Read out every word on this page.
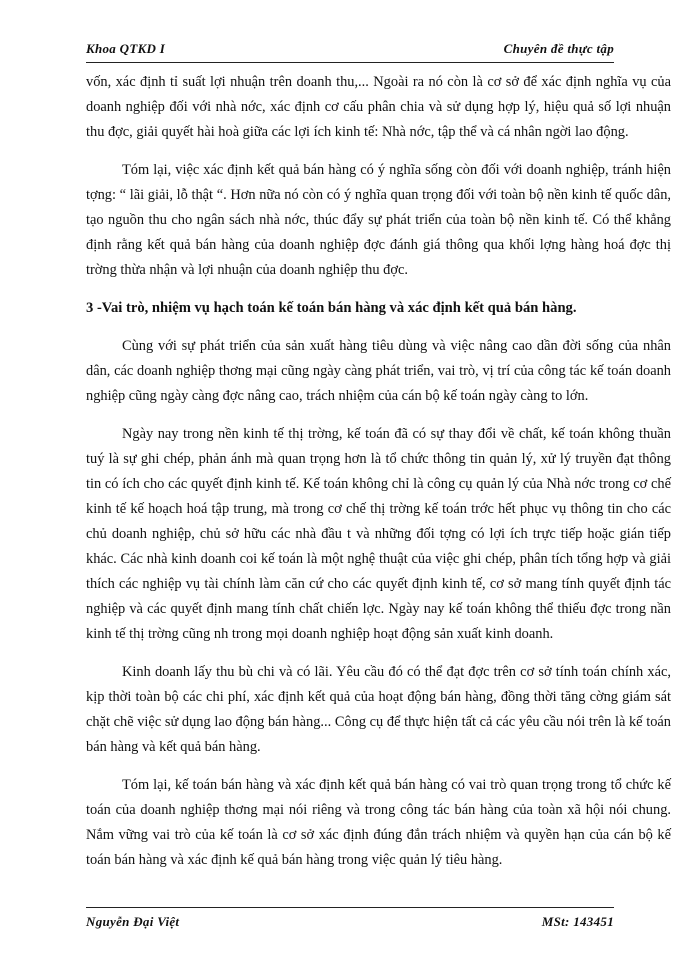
Khoa QTKD I	Chuyên đề thực tập

vốn, xác định tỉ suất lợi nhuận trên doanh thu,... Ngoài ra nó còn là cơ sở để xác định nghĩa vụ của doanh nghiệp đối với nhà nớc, xác định cơ cấu phân chia và sử dụng hợp lý, hiệu quả số lợi nhuận thu đợc, giải quyết hài hoà giữa các lợi ích kinh tế: Nhà nớc, tập thể và cá nhân ngời lao động.

Tóm lại, việc xác định kết quả bán hàng có ý nghĩa sống còn đối với doanh nghiệp, tránh hiện tợng: “ lãi giải, lỗ thật “. Hơn nữa nó còn có ý nghĩa quan trọng đối với toàn bộ nền kinh tế quốc dân, tạo nguồn thu cho ngân sách nhà nớc, thúc đẩy sự phát triển của toàn bộ nền kinh tế. Có thể khẳng định rằng kết quả bán hàng của doanh nghiệp đợc đánh giá thông qua khối lợng hàng hoá đợc thị trờng thừa nhận và lợi nhuận của doanh nghiệp thu đợc.

3 -Vai trò, nhiệm vụ hạch toán kế toán bán hàng và xác định kết quả bán hàng.

Cùng với sự phát triển của sản xuất hàng tiêu dùng và việc nâng cao dần đời sống của nhân dân, các doanh nghiệp thơng mại cũng ngày càng phát triển, vai trò, vị trí của công tác kế toán doanh nghiệp cũng ngày càng đợc nâng cao, trách nhiệm của cán bộ kế toán ngày càng to lớn.

Ngày nay trong nền kinh tế thị trờng, kế toán đã có sự thay đổi về chất, kế toán không thuần tuý là sự ghi chép, phản ánh mà quan trọng hơn là tổ chức thông tin quản lý, xử lý truyền đạt thông tin có ích cho các quyết định kinh tế. Kế toán không chỉ là công cụ quản lý của Nhà nớc trong cơ chế kinh tế kế hoạch hoá tập trung, mà trong cơ chế thị trờng kế toán trớc hết phục vụ thông tin cho các chủ doanh nghiệp, chủ sở hữu các nhà đầu t và những đối tợng có lợi ích trực tiếp hoặc gián tiếp khác. Các nhà kinh doanh coi kế toán là một nghệ thuật của việc ghi chép, phân tích tổng hợp và giải thích các nghiệp vụ tài chính làm căn cứ cho các quyết định kinh tế, cơ sở mang tính quyết định tác nghiệp và các quyết định mang tính chất chiến lợc. Ngày nay kế toán không thể thiếu đợc trong nần kinh tế thị trờng cũng nh trong mọi doanh nghiệp hoạt động sản xuất kinh doanh.

Kinh doanh lấy thu bù chi và có lãi. Yêu cầu đó có thể đạt đợc trên cơ sở tính toán chính xác, kịp thời toàn bộ các chi phí, xác định kết quả của hoạt động bán hàng, đồng thời tăng cờng giám sát chặt chẽ việc sử dụng lao động bán hàng... Công cụ để thực hiện tất cả các yêu cầu nói trên là kế toán bán hàng và kết quả bán hàng.

Tóm lại, kế toán bán hàng và xác định kết quả bán hàng có vai trò quan trọng trong tổ chức kế toán của doanh nghiệp thơng mại nói riêng và trong công tác bán hàng của toàn xã hội nói chung. Nắm vững vai trò của kế toán là cơ sở xác định đúng đắn trách nhiệm và quyền hạn của cán bộ kế toán bán hàng và xác định kế quả bán hàng trong việc quản lý tiêu hàng.

Nguyễn Đại Việt	MSt: 143451
